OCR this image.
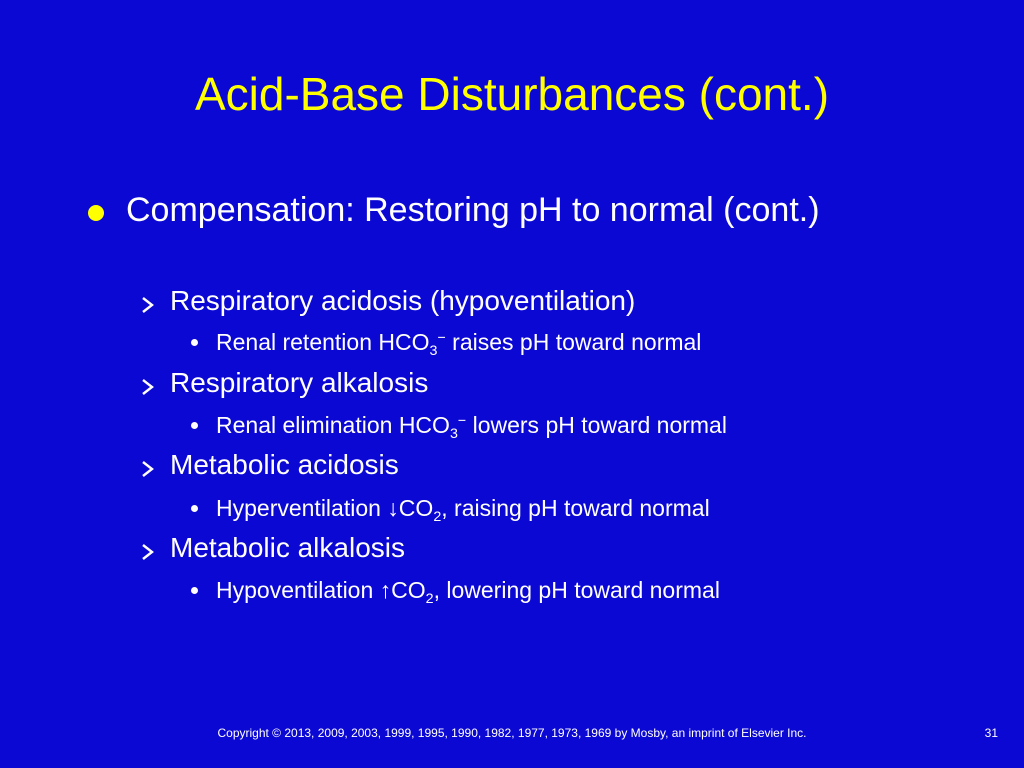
Acid-Base Disturbances (cont.)
Compensation: Restoring pH to normal (cont.)
Respiratory acidosis (hypoventilation)
Renal retention $HCO_3^-$ raises pH toward normal
Respiratory alkalosis
Renal elimination $HCO_3^-$ lowers pH toward normal
Metabolic acidosis
Hyperventilation $↓CO_2$, raising pH toward normal
Metabolic alkalosis
Hypoventilation $↑CO_2$, lowering pH toward normal
Copyright © 2013, 2009, 2003, 1999, 1995, 1990, 1982, 1977, 1973, 1969 by Mosby, an imprint of Elsevier Inc.	31
